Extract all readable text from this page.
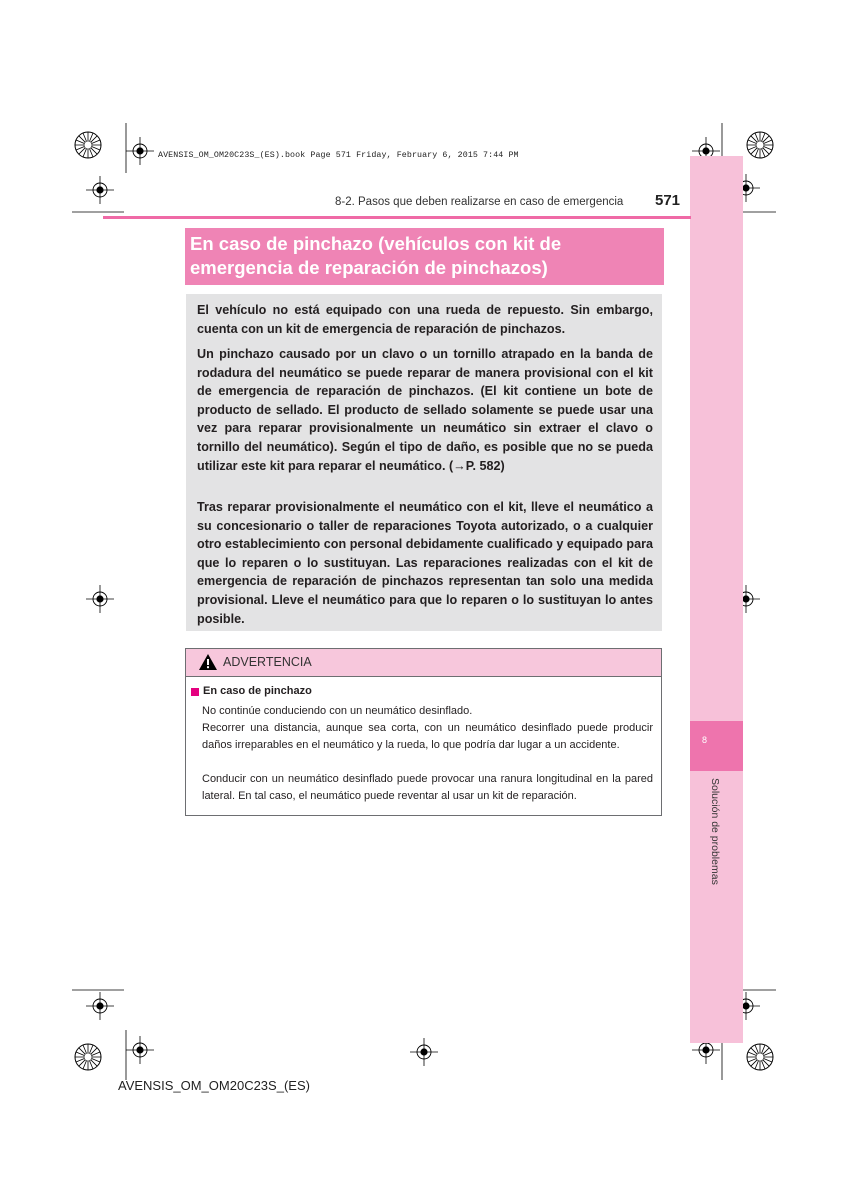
AVENSIS_OM_OM20C23S_(ES).book Page 571 Friday, February 6, 2015 7:44 PM
8
Solución de problemas
8-2. Pasos que deben realizarse en caso de emergencia 571
En caso de pinchazo (vehículos con kit de emergencia de reparación de pinchazos)

El vehículo no está equipado con una rueda de repuesto. Sin embargo, cuenta con un kit de emergencia de reparación de pinchazos.

Un pinchazo causado por un clavo o un tornillo atrapado en la banda de rodadura del neumático se puede reparar de manera provisional con el kit de emergencia de reparación de pinchazos. (El kit contiene un bote de producto de sellado. El producto de sellado solamente se puede usar una vez para reparar provisionalmente un neumático sin extraer el clavo o tornillo del neumático). Según el tipo de daño, es posible que no se pueda utilizar este kit para reparar el neumático. (→P. 582)

Tras reparar provisionalmente el neumático con el kit, lleve el neumático a su concesionario o taller de reparaciones Toyota autorizado, o a cualquier otro establecimiento con personal debidamente cualificado y equipado para que lo reparen o lo sustituyan. Las reparaciones realizadas con el kit de emergencia de reparación de pinchazos representan tan solo una medida provisional. Lleve el neumático para que lo reparen o lo sustituyan lo antes posible.

ADVERTENCIA
En caso de pinchazo

No continúe conduciendo con un neumático desinflado.

Recorrer una distancia, aunque sea corta, con un neumático desinflado puede producir daños irreparables en el neumático y la rueda, lo que podría dar lugar a un accidente.

Conducir con un neumático desinflado puede provocar una ranura longitudinal en la pared lateral. En tal caso, el neumático puede reventar al usar un kit de reparación.

AVENSIS_OM_OM20C23S_(ES)
